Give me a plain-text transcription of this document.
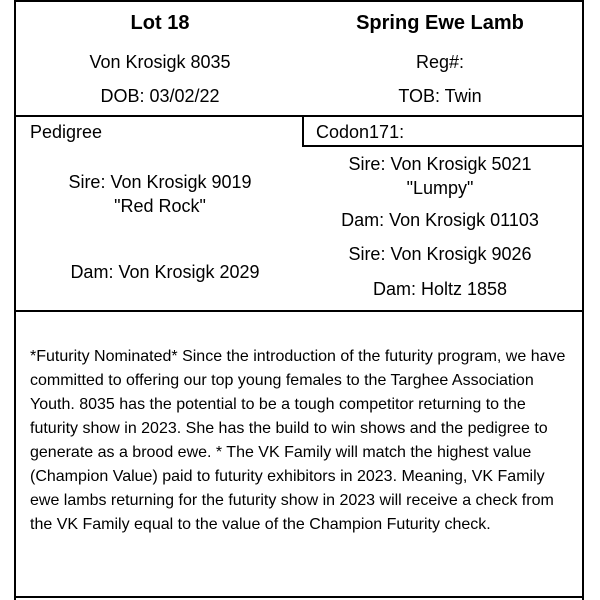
Lot 18	Spring Ewe Lamb
Von Krosigk 8035	Reg#:
DOB: 03/02/22	TOB: Twin
Pedigree
Sire: Von Krosigk 9019 "Red Rock"
Dam: Von Krosigk 2029
Codon171:
Sire: Von Krosigk 5021 "Lumpy"
Dam: Von Krosigk 01103
Sire: Von Krosigk 9026
Dam: Holtz 1858
*Futurity Nominated* Since the introduction of the futurity program, we have committed to offering our top young females to the Targhee Association Youth. 8035 has the potential to be a tough competitor returning to the futurity show in 2023. She has the build to win shows and the pedigree to generate as a brood ewe. * The VK Family will match the highest value (Champion Value) paid to futurity exhibitors in 2023. Meaning, VK Family ewe lambs returning for the futurity show in 2023 will receive a check from the VK Family equal to the value of the Champion Futurity check.
